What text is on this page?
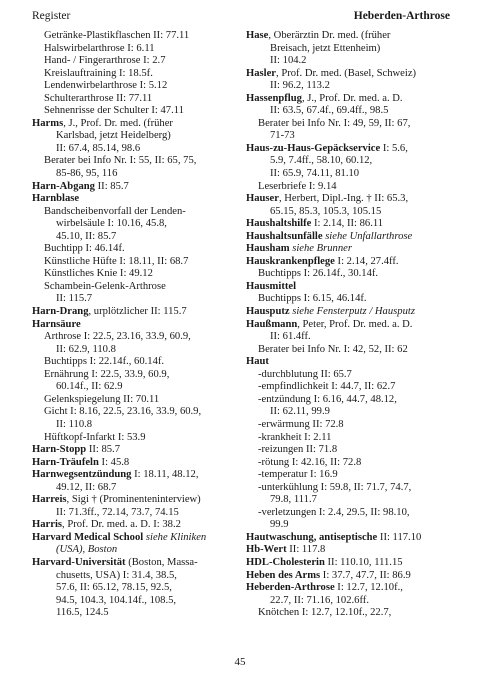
Register	Heberden-Arthrose
Getränke-Plastikflaschen II: 77.11
Halswirbelarthrose I: 6.11
Hand- / Fingerarthrose I: 2.7
Kreislauftraining I: 18.5f.
Lendenwirbelarthrose I: 5.12
Schulterarthrose II: 77.11
Sehnenrisse der Schulter I: 47.11
Harms, J., Prof. Dr. med. (früher
Karlsbad, jetzt Heidelberg)
II: 67.4, 85.14, 98.6
Berater bei Info Nr. I: 55, II: 65, 75,
85-86, 95, 116
Harn-Abgang II: 85.7
Harnblase
Bandscheibenvorfall der Lenden-
wirbelsäule I: 10.16, 45.8,
45.10, II: 85.7
Buchtipp I: 46.14f.
Künstliche Hüfte I: 18.11, II: 68.7
Künstliches Knie I: 49.12
Schambein-Gelenk-Arthrose
II: 115.7
Harn-Drang, urplötzlicher II: 115.7
Harnsäure
Arthrose I: 22.5, 23.16, 33.9, 60.9,
II: 62.9, 110.8
Buchtipps I: 22.14f., 60.14f.
Ernährung I: 22.5, 33.9, 60.9,
60.14f., II: 62.9
Gelenkspiegelung II: 70.11
Gicht I: 8.16, 22.5, 23.16, 33.9, 60.9,
II: 110.8
Hüftkopf-Infarkt I: 53.9
Harn-Stopp II: 85.7
Harn-Träufeln I: 45.8
Harnwegsentzündung I: 18.11, 48.12,
49.12, II: 68.7
Harreis, Sigi † (Prominenteninterview)
II: 71.3ff., 72.14, 73.7, 74.15
Harris, Prof. Dr. med. a. D. I: 38.2
Harvard Medical School siehe Kliniken
(USA), Boston
Harvard-Universität (Boston, Massa-
chusetts, USA) I: 31.4, 38.5,
57.6, II: 65.12, 78.15, 92.5,
94.5, 104.3, 104.14f., 108.5,
116.5, 124.5
Hase, Oberärztin Dr. med. (früher
Breisach, jetzt Ettenheim)
II: 104.2
Hasler, Prof. Dr. med. (Basel, Schweiz)
II: 96.2, 113.2
Hassenpflug, J., Prof. Dr. med. a. D.
II: 63.5, 67.4f., 69.4ff., 98.5
Berater bei Info Nr. I: 49, 59, II: 67,
71-73
Haus-zu-Haus-Gepäckservice I: 5.6,
5.9, 7.4ff., 58.10, 60.12,
II: 65.9, 74.11, 81.10
Leserbriefe I: 9.14
Hauser, Herbert, Dipl.-Ing. † II: 65.3,
65.15, 85.3, 105.3, 105.15
Haushaltshilfe I: 2.14, II: 86.11
Haushaltsunfälle siehe Unfallarthrose
Hausham siehe Brunner
Hauskrankenpflege I: 2.14, 27.4ff.
Buchtipps I: 26.14f., 30.14f.
Hausmittel
Buchtipps I: 6.15, 46.14f.
Hausputz siehe Fensterputz / Hausputz
Haußmann, Peter, Prof. Dr. med. a. D.
II: 61.4ff.
Berater bei Info Nr. I: 42, 52, II: 62
Haut
-durchblutung II: 65.7
-empfindlichkeit I: 44.7, II: 62.7
-entzündung I: 6.16, 44.7, 48.12,
II: 62.11, 99.9
-erwärmung II: 72.8
-krankheit I: 2.11
-reizungen II: 71.8
-rötung I: 42.16, II: 72.8
-temperatur I: 16.9
-unterkühlung I: 59.8, II: 71.7, 74.7,
79.8, 111.7
-verletzungen I: 2.4, 29.5, II: 98.10,
99.9
Hautwaschung, antiseptische II: 117.10
Hb-Wert II: 117.8
HDL-Cholesterin II: 110.10, 111.15
Heben des Arms I: 37.7, 47.7, II: 86.9
Heberden-Arthrose I: 12.7, 12.10f.,
22.7, II: 71.16, 102.6ff.
Knötchen I: 12.7, 12.10f., 22.7,
45
